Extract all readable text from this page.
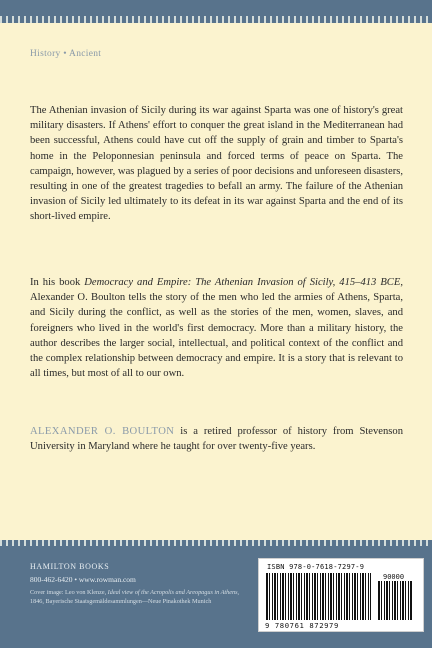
History • Ancient

The Athenian invasion of Sicily during its war against Sparta was one of history's great military disasters. If Athens' effort to conquer the great island in the Mediterranean had been successful, Athens could have cut off the supply of grain and timber to Sparta's home in the Peloponnesian peninsula and forced terms of peace on Sparta. The campaign, however, was plagued by a series of poor decisions and unforeseen disasters, resulting in one of the greatest tragedies to befall an army. The failure of the Athenian invasion of Sicily led ultimately to its defeat in its war against Sparta and the end of its short-lived empire.

In his book Democracy and Empire: The Athenian Invasion of Sicily, 415–413 BCE, Alexander O. Boulton tells the story of the men who led the armies of Athens, Sparta, and Sicily during the conflict, as well as the stories of the men, women, slaves, and foreigners who lived in the world's first democracy. More than a military history, the author describes the larger social, intellectual, and political context of the conflict and the complex relationship between democracy and empire. It is a story that is relevant to all times, but most of all to our own.

ALEXANDER O. BOULTON is a retired professor of history from Stevenson University in Maryland where he taught for over twenty-five years.

HAMILTON BOOKS

800-462-6420 • www.rowman.com

Cover image: Leo von Klenze, Ideal view of the Acropolis and Areopagus in Athens, 1846, Bayerische Staatsgemäldesammlungen—Neue Pinakothek Munich

ISBN 978-0-7618-7297-9
90000
9 780761 872979
